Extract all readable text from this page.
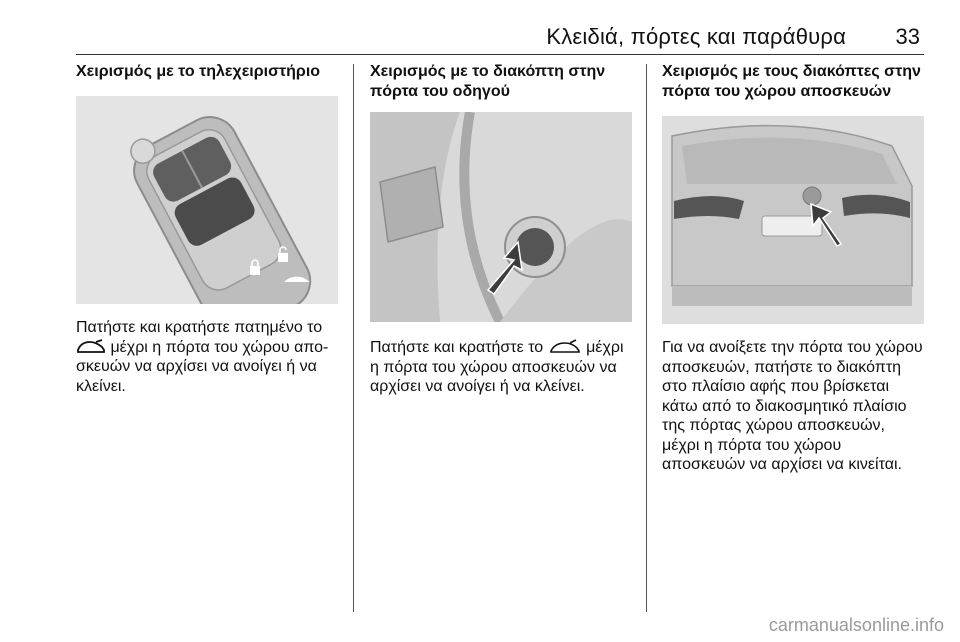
Κλειδιά, πόρτες και παράθυρα 33
Χειρισμός με το τηλεχειριστήριο
Πατήστε και κρατήστε πατημένο το  μέχρι η πόρτα του χώρου αποσκευών να αρχίσει να ανοίγει ή να κλείνει.
Χειρισμός με το διακόπτη στην πόρτα του οδηγού
Πατήστε και κρατήστε το  μέχρι η πόρτα του χώρου αποσκευών να αρχίσει να ανοίγει ή να κλείνει.
Χειρισμός με τους διακόπτες στην πόρτα του χώρου αποσκευών
Για να ανοίξετε την πόρτα του χώρου αποσκευών, πατήστε το διακόπτη στο πλαίσιο αφής που βρίσκεται κάτω από το διακοσμητικό πλαίσιο της πόρτας χώρου αποσκευών, μέχρι η πόρτα του χώρου αποσκευών να αρχίσει να κινείται.
carmanualsonline.info
